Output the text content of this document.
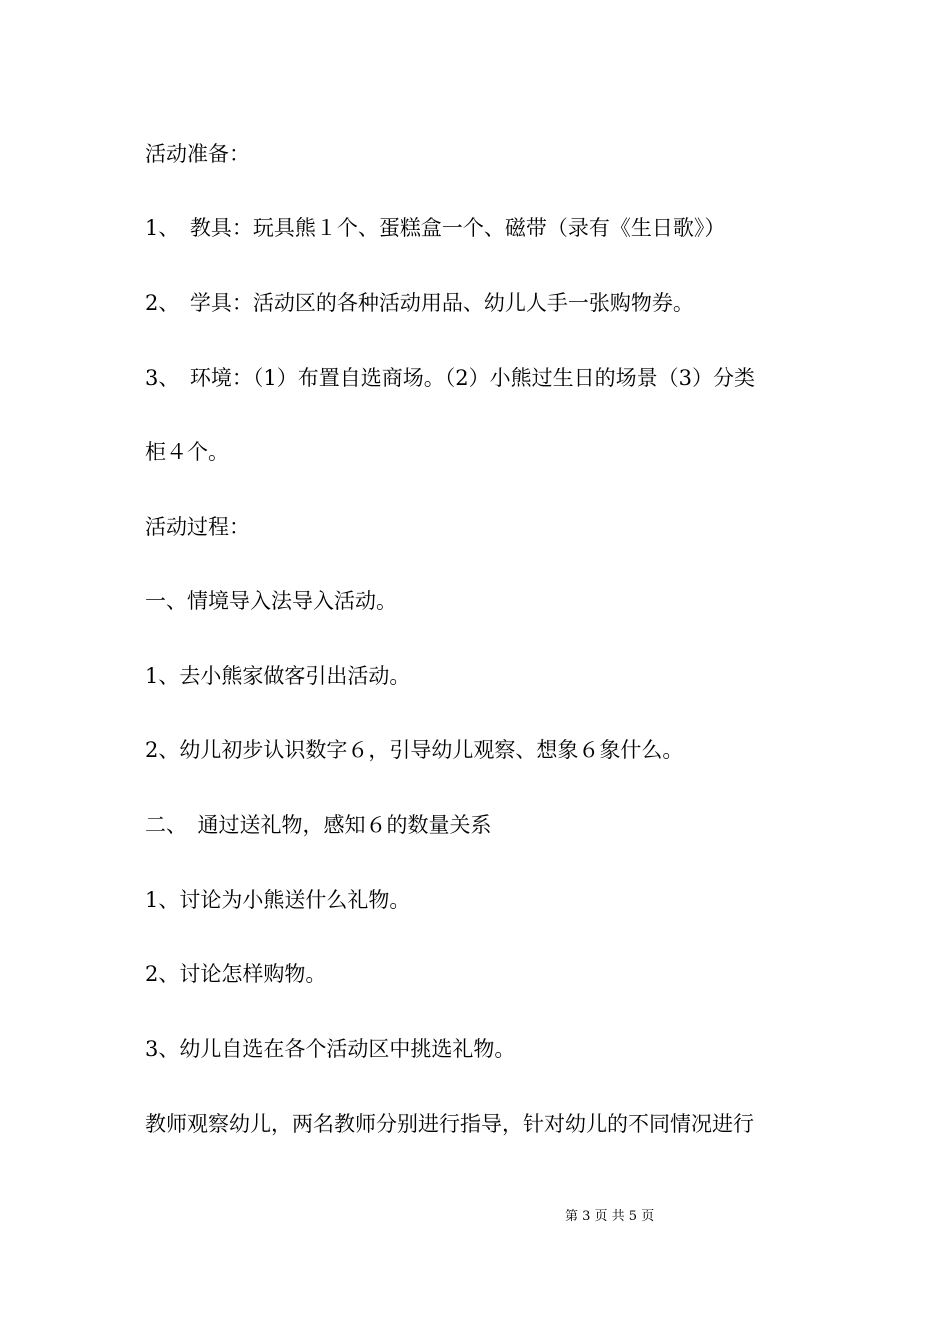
活动准备：
1、　教具：玩具熊１个、蛋糕盒一个、磁带（录有《生日歌》）
2、　学具：活动区的各种活动用品、幼儿人手一张购物券。
3、　环境：（1）布置自选商场。（2）小熊过生日的场景（3）分类
柜４个。
活动过程：
一、情境导入法导入活动。
1、去小熊家做客引出活动。
2、幼儿初步认识数字６，引导幼儿观察、想象６象什么。
二、　通过送礼物，感知６的数量关系
1、讨论为小熊送什么礼物。
2、讨论怎样购物。
3、幼儿自选在各个活动区中挑选礼物。
教师观察幼儿，两名教师分别进行指导，针对幼儿的不同情况进行
第 3 页 共 5 页
